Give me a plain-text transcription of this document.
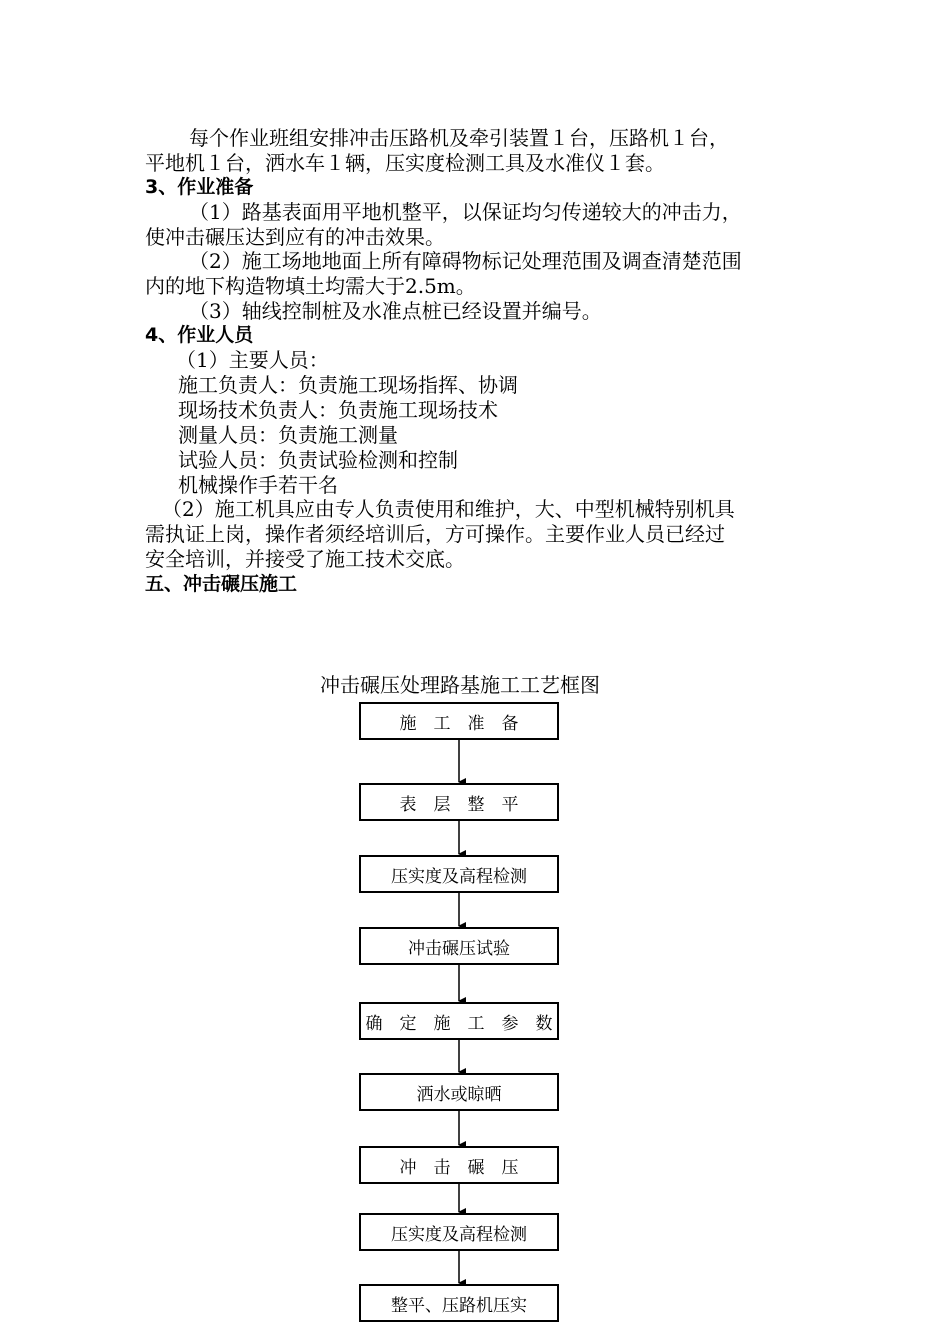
每个作业班组安排冲击压路机及牵引装置１台，压路机１台，
平地机１台，洒水车１辆，压实度检测工具及水准仪１套。
3、作业准备
（1）路基表面用平地机整平，以保证均匀传递较大的冲击力，
使冲击碾压达到应有的冲击效果。
（2）施工场地地面上所有障碍物标记处理范围及调查清楚范围
内的地下构造物填土均需大于2.5m。
（3）轴线控制桩及水准点桩已经设置并编号。
4、作业人员
（1）主要人员：
施工负责人：负责施工现场指挥、协调
现场技术负责人：负责施工现场技术
测量人员：负责施工测量
试验人员：负责试验检测和控制
机械操作手若干名
（2）施工机具应由专人负责使用和维护，大、中型机械特别机具
需执证上岗，操作者须经培训后，方可操作。主要作业人员已经过
安全培训，并接受了施工技术交底。
五、冲击碾压施工
冲击碾压处理路基施工工艺框图
施　工　准　备
表　层　整　平
压实度及高程检测
冲击碾压试验
确　定　施　工　参　数
洒水或晾晒
冲　击　碾　压
压实度及高程检测
整平、压路机压实
